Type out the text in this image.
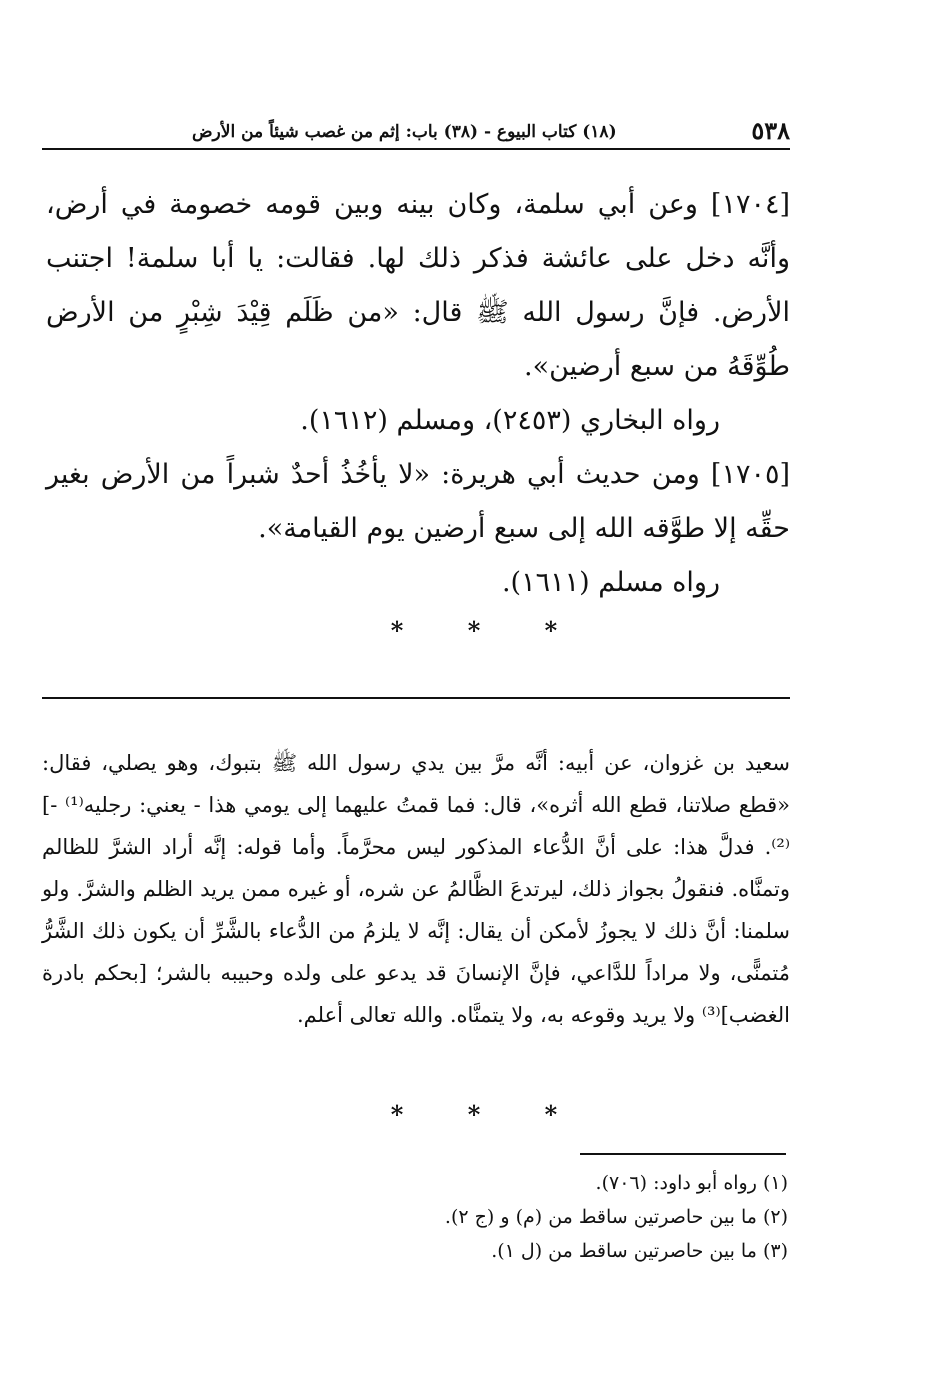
٥٣٨
(١٨) كتاب البيوع - (٣٨) باب: إثم من غصب شيئاً من الأرض

[١٧٠٤] وعن أبي سلمة، وكان بينه وبين قومه خصومة في أرض، وأنَّه دخل على عائشة فذكر ذلك لها. فقالت: يا أبا سلمة! اجتنب الأرض. فإنَّ رسول الله ﷺ قال: «من ظَلَم قِيْدَ شِبْرٍ من الأرض طُوِّقَهُ من سبع أرضين».

رواه البخاري (٢٤٥٣)، ومسلم (١٦١٢).

[١٧٠٥] ومن حديث أبي هريرة: «لا يأخُذُ أحدٌ شبراً من الأرض بغير حقِّه إلا طوَّقه الله إلى سبع أرضين يوم القيامة».

رواه مسلم (١٦١١).

*	*	*

سعيد بن غزوان، عن أبيه: أنَّه مرَّ بين يدي رسول الله ﷺ بتبوك، وهو يصلي، فقال: «قطع صلاتنا، قطع الله أثره»، قال: فما قمتُ عليهما إلى يومي هذا - يعني: رجليه⁽¹⁾ -]⁽²⁾. فدلَّ هذا: على أنَّ الدُّعاء المذكور ليس محرَّماً. وأما قوله: إنَّه أراد الشرَّ للظالم وتمنَّاه. فنقولُ بجواز ذلك، ليرتدعَ الظَّالمُ عن شره، أو غيره ممن يريد الظلم والشرَّ. ولو سلمنا: أنَّ ذلك لا يجوزُ لأمكن أن يقال: إنَّه لا يلزمُ من الدُّعاء بالشَّرِّ أن يكون ذلك الشَّرُّ مُتمنًّى، ولا مراداً للدَّاعي، فإنَّ الإنسانَ قد يدعو على ولده وحبيبه بالشر؛ [بحكم بادرة الغضب]⁽³⁾ ولا يريد وقوعه به، ولا يتمنَّاه. والله تعالى أعلم.

*	*	*
(١) رواه أبو داود: (٧٠٦).
(٢) ما بين حاصرتين ساقط من (م) و (ج ٢).
(٣) ما بين حاصرتين ساقط من (ل ١).
